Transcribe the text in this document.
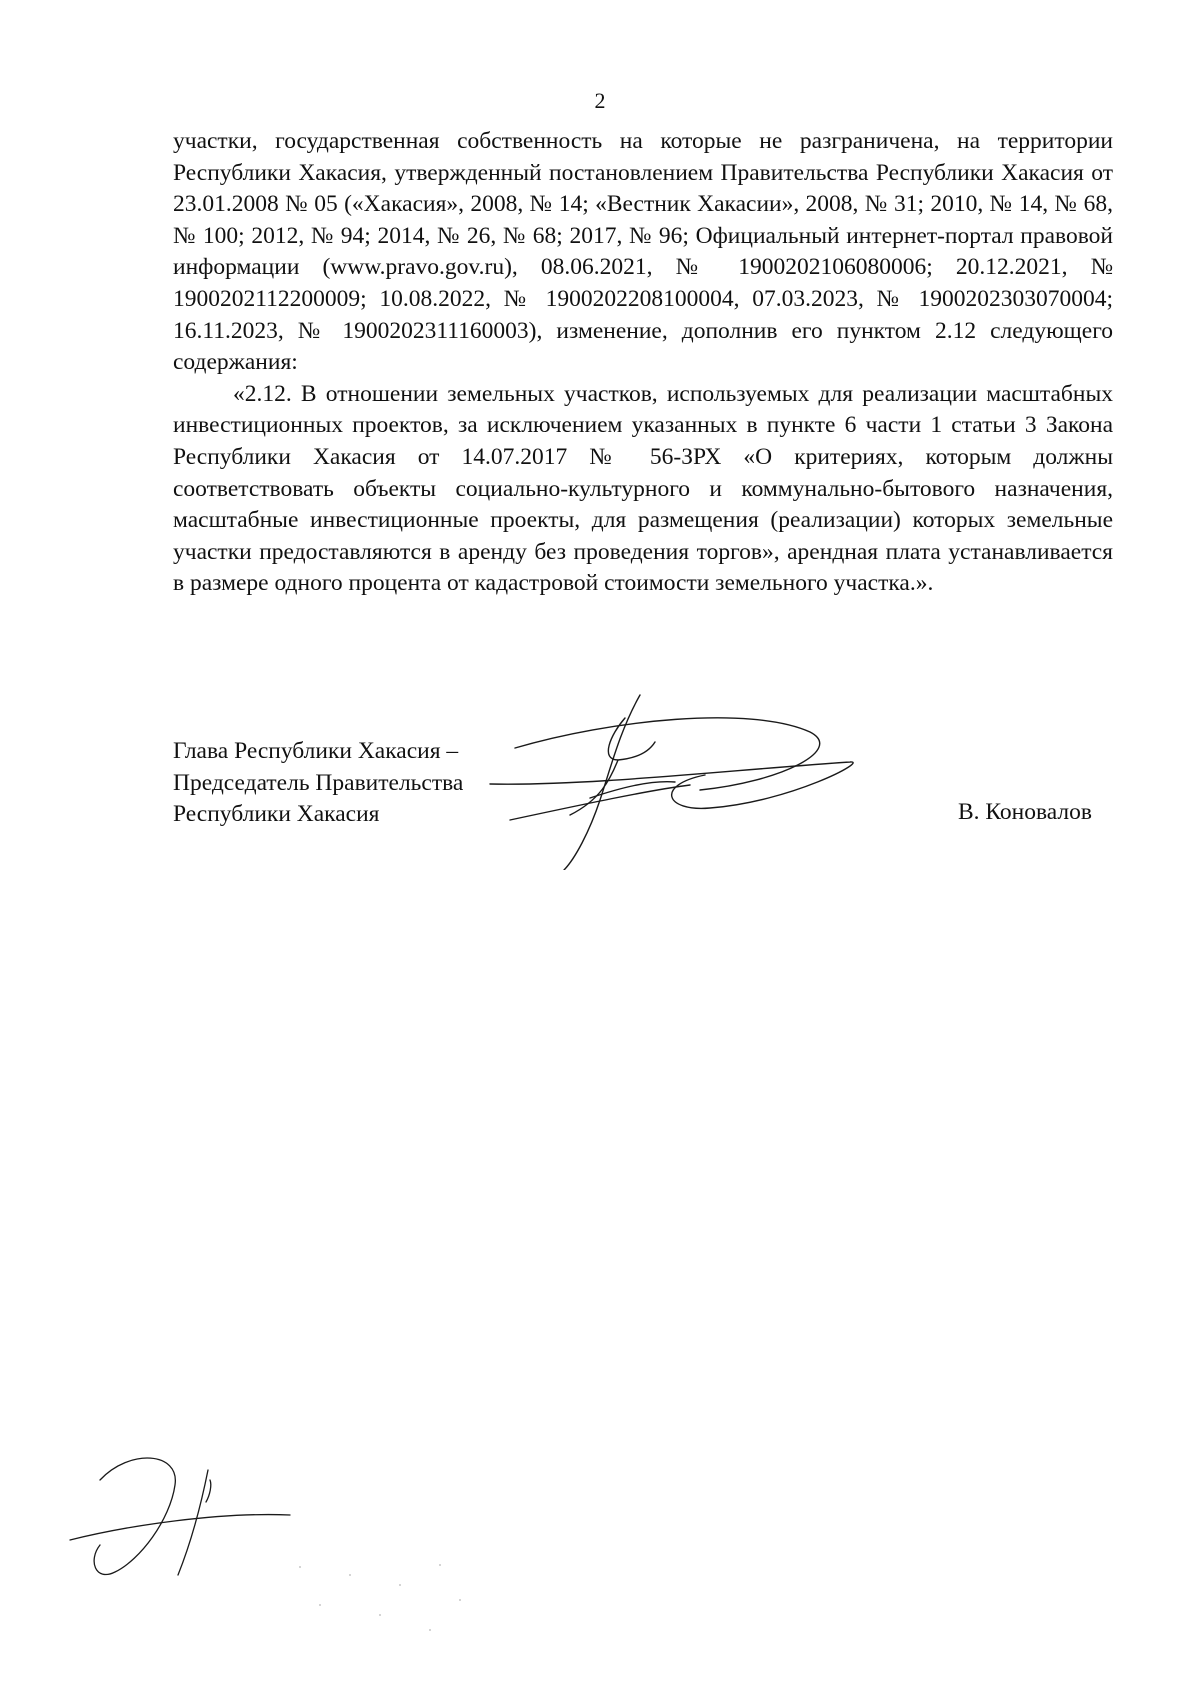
2

участки, государственная собственность на которые не разграничена, на территории Республики Хакасия, утвержденный постановлением Правительства Республики Хакасия от 23.01.2008 № 05 («Хакасия», 2008, № 14; «Вестник Хакасии», 2008, № 31; 2010, № 14, № 68, № 100; 2012, № 94; 2014, № 26, № 68; 2017, № 96; Официальный интернет-портал правовой информации (www.pravo.gov.ru), 08.06.2021, № 1900202106080006; 20.12.2021, № 1900202112200009; 10.08.2022, № 1900202208100004, 07.03.2023, № 1900202303070004; 16.11.2023, № 1900202311160003), изменение, дополнив его пунктом 2.12 следующего содержания:

«2.12. В отношении земельных участков, используемых для реализации масштабных инвестиционных проектов, за исключением указанных в пункте 6 части 1 статьи 3 Закона Республики Хакасия от 14.07.2017 № 56-ЗРХ «О критериях, которым должны соответствовать объекты социально-культурного и коммунально-бытового назначения, масштабные инвестиционные проекты, для размещения (реализации) которых земельные участки предоставляются в аренду без проведения торгов», арендная плата устанавливается в размере одного процента от кадастровой стоимости земельного участка.».

Глава Республики Хакасия –
Председатель Правительства
Республики Хакасия	В. Коновалов
